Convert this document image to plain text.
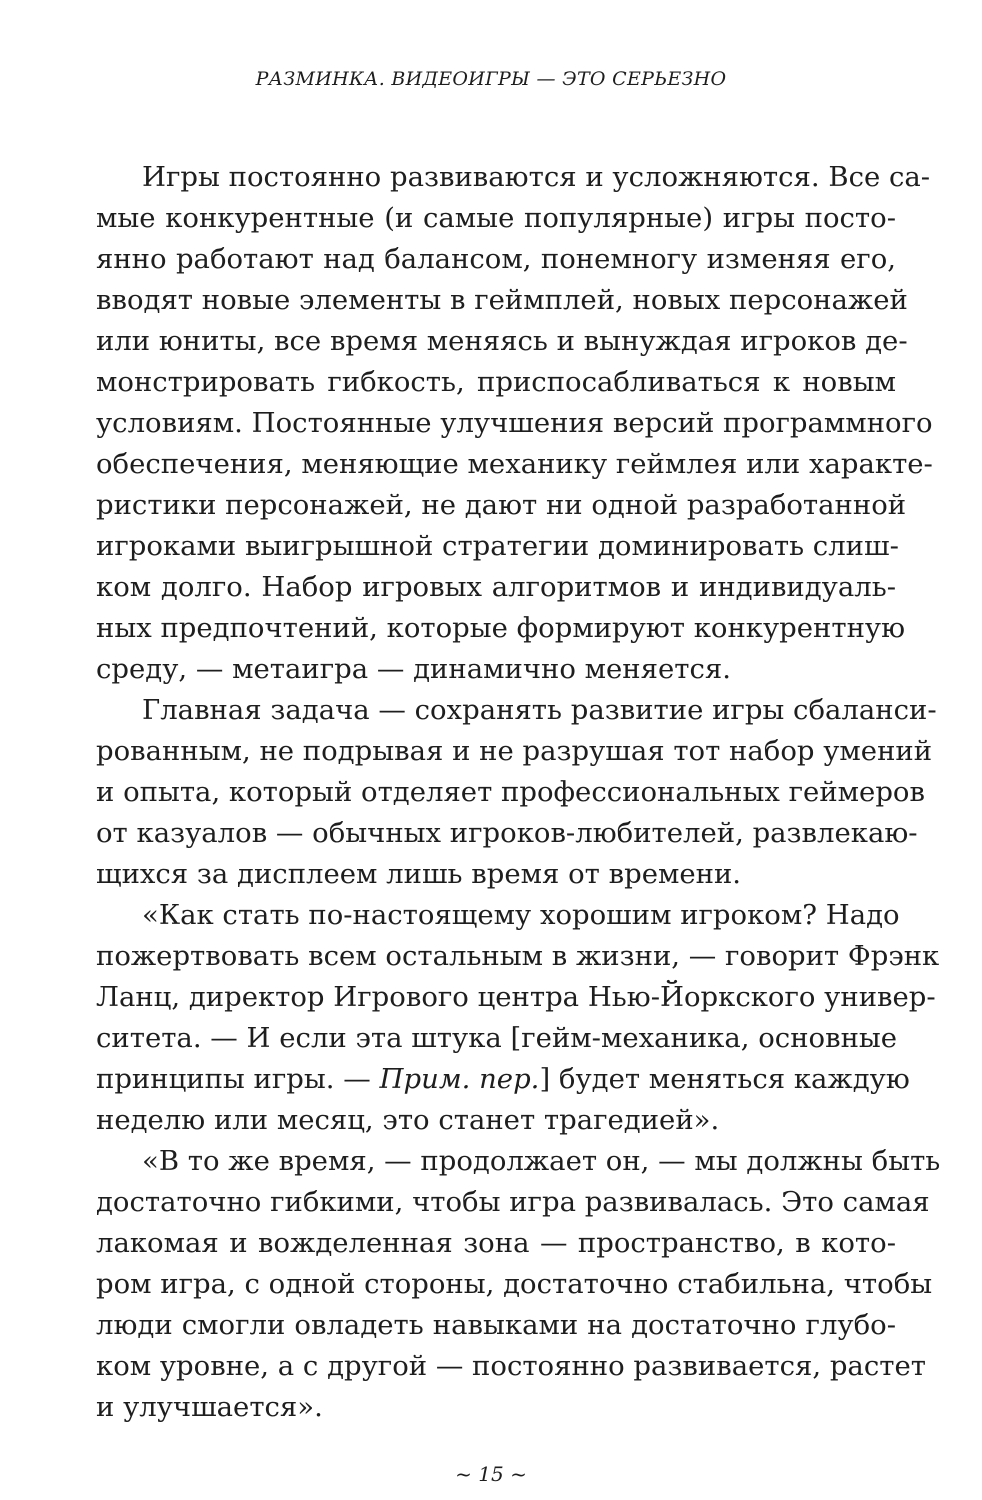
РАЗМИНКА. ВИДЕОИГРЫ — ЭТО СЕРЬЕЗНО
Игры постоянно развиваются и усложняются. Все са-
мые конкурентные (и самые популярные) игры посто-
янно работают над балансом, понемногу изменяя его,
вводят новые элементы в геймплей, новых персонажей
или юниты, все время меняясь и вынуждая игроков де-
монстрировать гибкость, приспосабливаться к новым
условиям. Постоянные улучшения версий программного
обеспечения, меняющие механику геймлея или характе-
ристики персонажей, не дают ни одной разработанной
игроками выигрышной стратегии доминировать слиш-
ком долго. Набор игровых алгоритмов и индивидуаль-
ных предпочтений, которые формируют конкурентную
среду, — метаигра — динамично меняется.
Главная задача — сохранять развитие игры сбаланси-
рованным, не подрывая и не разрушая тот набор умений
и опыта, который отделяет профессиональных геймеров
от казуалов — обычных игроков-любителей, развлекаю-
щихся за дисплеем лишь время от времени.
«Как стать по-настоящему хорошим игроком? Надо
пожертвовать всем остальным в жизни, — говорит Фрэнк
Ланц, директор Игрового центра Нью-Йоркского универ-
ситета. — И если эта штука [гейм-механика, основные
принципы игры. — Прим. пер.] будет меняться каждую
неделю или месяц, это станет трагедией».
«В то же время, — продолжает он, — мы должны быть
достаточно гибкими, чтобы игра развивалась. Это самая
лакомая и вожделенная зона — пространство, в кото-
ром игра, с одной стороны, достаточно стабильна, чтобы
люди смогли овладеть навыками на достаточно глубо-
ком уровне, а с другой — постоянно развивается, растет
и улучшается».
~ 15 ~
